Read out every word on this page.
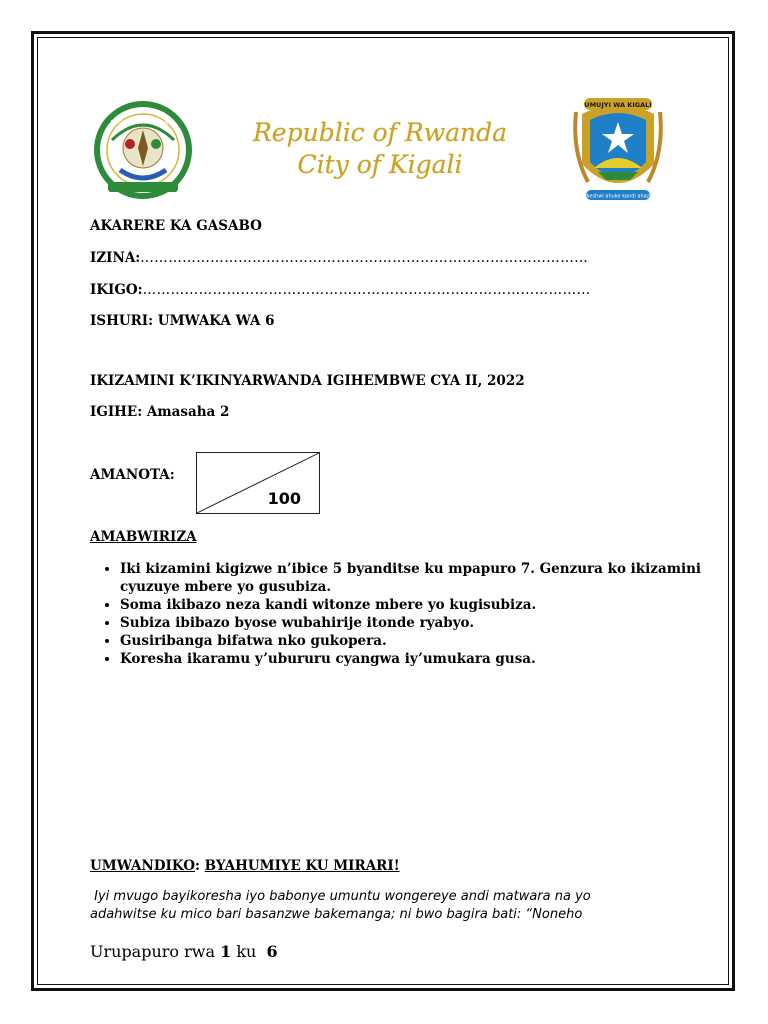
REPUBULIKA Y'U RWANDA	Republic of Rwanda
City of Kigali
UMUJYI WA KIGALI
Ikeshwi ahuke kandi ahazi
AKARERE KA GASABO
IZINA:……………………………………………………………………………………
IKIGO:……………………………………………………………………………………
ISHURI: UMWAKA WA 6
IKIZAMINI K’IKINYARWANDA IGIHEMBWE CYA II, 2022
IGIHE: Amasaha 2
AMANOTA:
100
AMABWIRIZA
• Iki kizamini kigizwe n’ibice 5 byanditse ku mpapuro 7. Genzura ko ikizamini cyuzuye mbere yo gusubiza.
• Soma ikibazo neza kandi witonze mbere yo kugisubiza.
• Subiza ibibazo byose wubahirije itonde ryabyo.
• Gusiribanga bifatwa nko gukopera.
• Koresha ikaramu y’ubururu cyangwa iy’umukara gusa.
UMWANDIKO: BYAHUMIYE KU MIRARI!
Iyi mvugo bayikoresha iyo babonye umuntu wongereye andi matwara na yo
adahwitse ku mico bari basanzwe bakemanga; ni bwo bagira bati: “Noneho
Urupapuro rwa 1 ku  6
